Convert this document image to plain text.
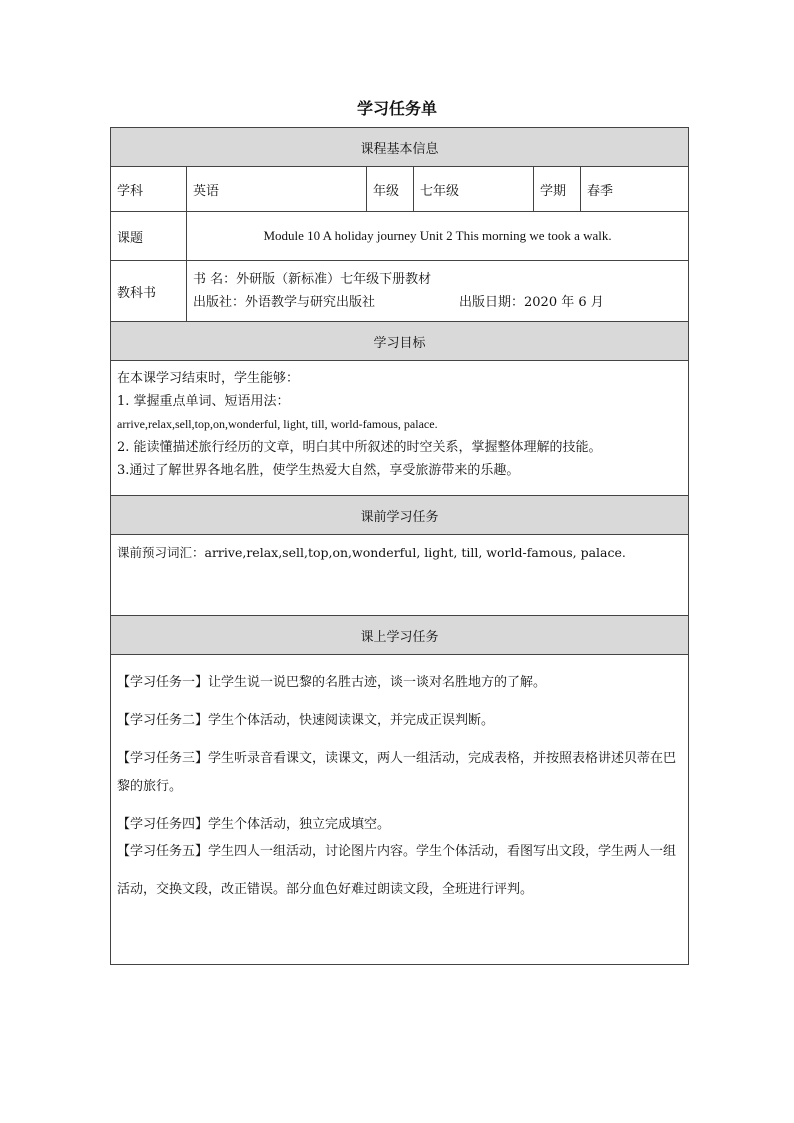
学习任务单
课程基本信息					
学科	英语	年级	七年级	学期	春季
课题	Module 10 A holiday journey Unit 2 This morning we took a walk.				
教科书	书 名：外研版（新标准）七年级下册教材
出版社：外语教学与研究出版社 出版日期：2020 年 6 月				

学习目标					

在本课学习结束时，学生能够：
1. 掌握重点单词、短语用法：
arrive,relax,sell,top,on,wonderful, light, till, world-famous, palace.
2. 能读懂描述旅行经历的文章，明白其中所叙述的时空关系，掌握整体理解的技能。
3.通过了解世界各地名胜，使学生热爱大自然，享受旅游带来的乐趣。					

课前学习任务					
课前预习词汇：arrive,relax,sell,top,on,wonderful, light, till, world-famous, palace.					
课上学习任务					

【学习任务一】让学生说一说巴黎的名胜古迹，谈一谈对名胜地方的了解。
【学习任务二】学生个体活动，快速阅读课文，并完成正误判断。
【学习任务三】学生听录音看课文，读课文，两人一组活动，完成表格，并按照表格讲述贝蒂在巴黎的旅行。
【学习任务四】学生个体活动，独立完成填空。
【学习任务五】学生四人一组活动，讨论图片内容。学生个体活动，看图写出文段，学生两人一组活动，交换文段，改正错误。部分血色好难过朗读文段，全班进行评判。					
